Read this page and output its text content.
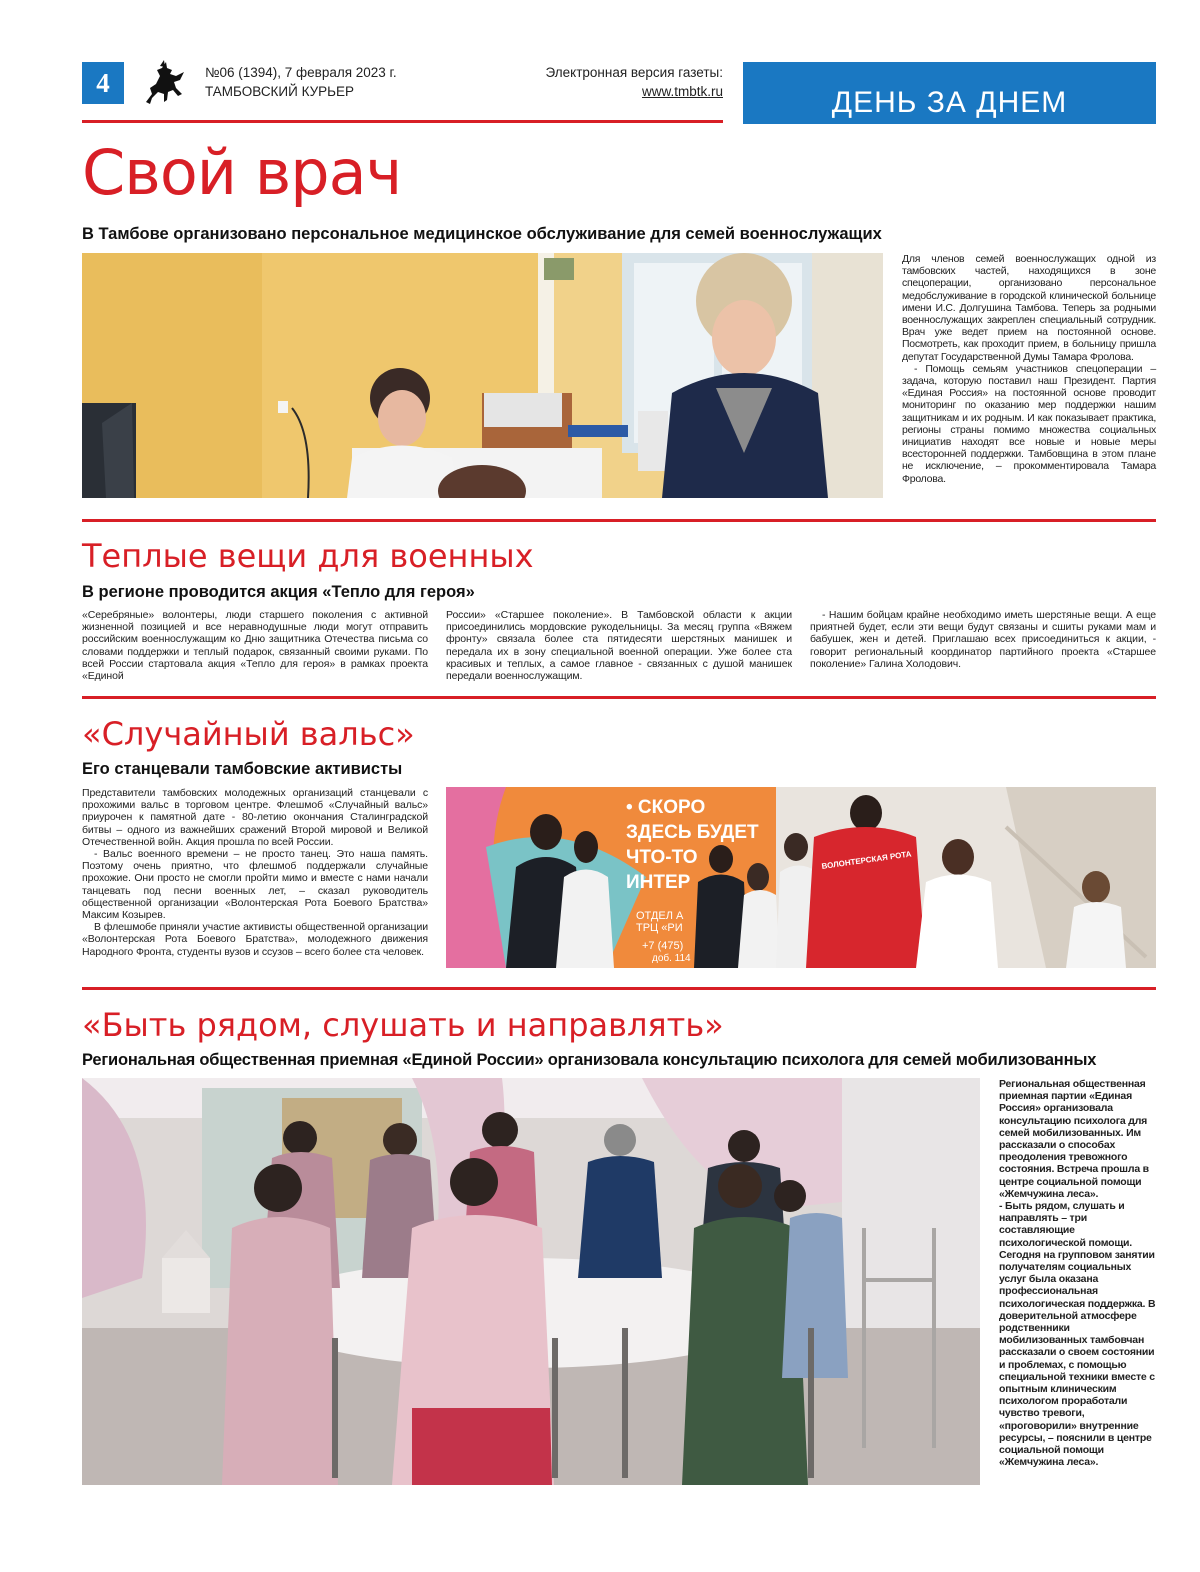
4	№06 (1394), 7 февраля 2023 г.
ТАМБОВСКИЙ КУРЬЕР
Электронная версия газеты:
www.tmbtk.ru	ДЕНЬ ЗА ДНЕМ
Свой врач
В Тамбове организовано персональное медицинское обслуживание для семей военнослужащих

Для членов семей военнослужащих одной из тамбовских частей, находящихся в зоне спецоперации, организовано персональное медобслуживание в городской клинической больнице имени И.С. Долгушина Тамбова. Теперь за родными военнослужащих закреплен специальный сотрудник. Врач уже ведет прием на постоянной основе. Посмотреть, как проходит прием, в больницу пришла депутат Государственной Думы Тамара Фролова.

- Помощь семьям участников спецоперации – задача, которую поставил наш Президент. Партия «Единая Россия» на постоянной основе проводит мониторинг по оказанию мер поддержки нашим защитникам и их родным. И как показывает практика, регионы страны помимо множества социальных инициатив находят все новые и новые меры всесторонней поддержки. Тамбовщина в этом плане не исключение, – прокомментировала Тамара Фролова.

Теплые вещи для военных
В регионе проводится акция «Тепло для героя»

«Серебряные» волонтеры, люди старшего поколения с активной жизненной позицией и все неравнодушные люди могут отправить российским военнослужащим ко Дню защитника Отечества письма со словами поддержки и теплый подарок, связанный своими руками. По всей России стартовала акция «Тепло для героя» в рамках проекта «Единой

России» «Старшее поколение». В Тамбовской области к акции присоединились мордовские рукодельницы. За месяц группа «Вяжем фронту» связала более ста пятидесяти шерстяных манишек и передала их в зону специальной военной операции. Уже более ста красивых и теплых, а самое главное - связанных с душой манишек передали военнослужащим.

- Нашим бойцам крайне необходимо иметь шерстяные вещи. А еще приятней будет, если эти вещи будут связаны и сшиты руками мам и бабушек, жен и детей. Приглашаю всех присоединиться к акции, - говорит региональный координатор партийного проекта «Старшее поколение» Галина Холодович.

«Случайный вальс»
Его станцевали тамбовские активисты

Представители тамбовских молодежных организаций станцевали с прохожими вальс в торговом центре. Флешмоб «Случайный вальс» приурочен к памятной дате - 80-летию окончания Сталинградской битвы – одного из важнейших сражений Второй мировой и Великой Отечественной войн. Акция прошла по всей России.

- Вальс военного времени – не просто танец. Это наша память. Поэтому очень приятно, что флешмоб поддержали случайные прохожие. Они просто не смогли пройти мимо и вместе с нами начали танцевать под песни военных лет, – сказал руководитель общественной организации «Волонтерская Рота Боевого Братства» Максим Козырев.

В флешмобе приняли участие активисты общественной организации «Волонтерская Рота Боевого Братства», молодежного движения Народного Фронта, студенты вузов и ссузов – всего более ста человек.

• СКОРО
ЗДЕСЬ БУДЕТ
ЧТО-ТО
ИНТЕР
ОТДЕЛ А
ТРЦ «РИ
+7 (475)
доб. 114
ВОЛОНТЕРСКАЯ РОТА
«Быть рядом, слушать и направлять»
Региональная общественная приемная «Единой России» организовала консультацию психолога для семей мобилизованных

Региональная общественная приемная партии «Единая Россия» организовала консультацию психолога для семей мобилизованных. Им рассказали о способах преодоления тревожного состояния. Встреча прошла в центре социальной помощи «Жемчужина леса».

- Быть рядом, слушать и направлять – три составляющие психологической помощи. Сегодня на групповом занятии получателям социальных услуг была оказана профессиональная психологическая поддержка. В доверительной атмосфере родственники мобилизованных тамбовчан рассказали о своем состоянии и проблемах, с помощью специальной техники вместе с опытным клиническим психологом проработали чувство тревоги, «проговорили» внутренние ресурсы, – пояснили в центре социальной помощи «Жемчужина леса».
